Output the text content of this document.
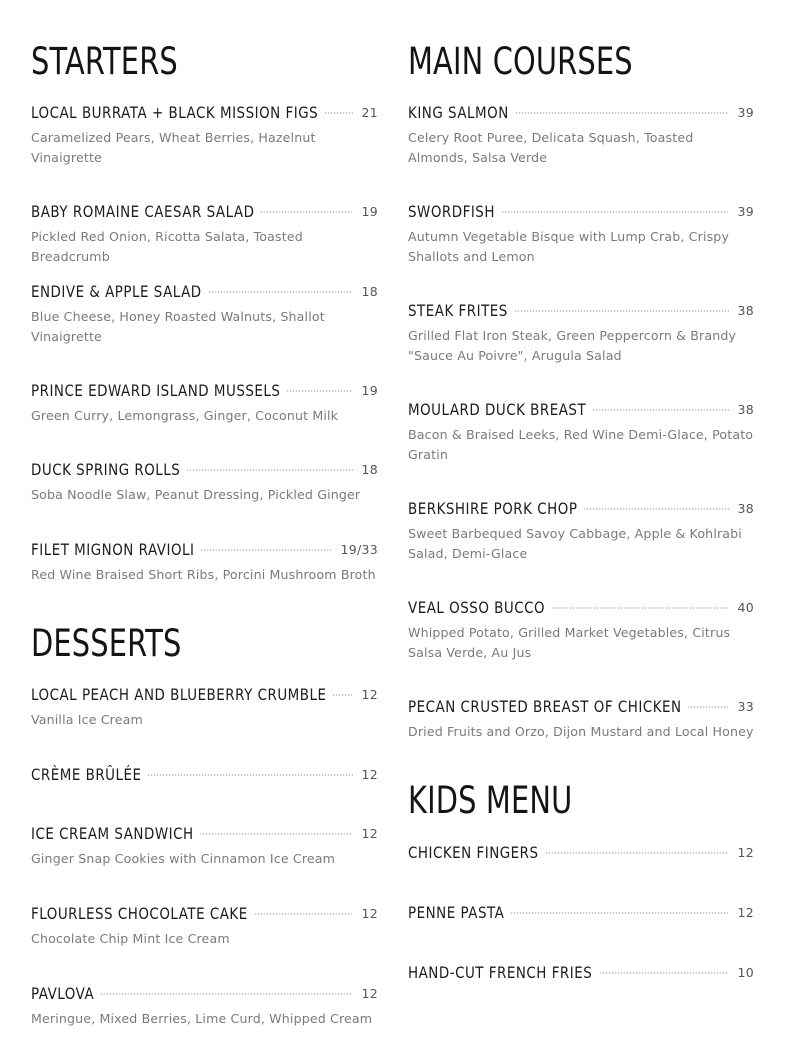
STARTERS
LOCAL BURRATA + BLACK MISSION FIGS	21
Caramelized Pears, Wheat Berries, Hazelnut Vinaigrette
BABY ROMAINE CAESAR SALAD	19
Pickled Red Onion, Ricotta Salata, Toasted Breadcrumb
ENDIVE & APPLE SALAD	18
Blue Cheese, Honey Roasted Walnuts, Shallot Vinaigrette
PRINCE EDWARD ISLAND MUSSELS	19
Green Curry, Lemongrass, Ginger, Coconut Milk
DUCK SPRING ROLLS	18
Soba Noodle Slaw, Peanut Dressing, Pickled Ginger
FILET MIGNON RAVIOLI	19/33
Red Wine Braised Short Ribs, Porcini Mushroom Broth
DESSERTS
LOCAL PEACH AND BLUEBERRY CRUMBLE	12
Vanilla Ice Cream
CRÈME BRÛLÉE	12
ICE CREAM SANDWICH	12
Ginger Snap Cookies with Cinnamon Ice Cream
FLOURLESS CHOCOLATE CAKE	12
Chocolate Chip Mint Ice Cream
PAVLOVA	12
Meringue, Mixed Berries, Lime Curd, Whipped Cream
MAIN COURSES
KING SALMON	39
Celery Root Puree, Delicata Squash, Toasted Almonds, Salsa Verde
SWORDFISH	39
Autumn Vegetable Bisque with Lump Crab, Crispy Shallots and Lemon
STEAK FRITES	38
Grilled Flat Iron Steak, Green Peppercorn & Brandy "Sauce Au Poivre", Arugula Salad
MOULARD DUCK BREAST	38
Bacon & Braised Leeks, Red Wine Demi-Glace, Potato Gratin
BERKSHIRE PORK CHOP	38
Sweet Barbequed Savoy Cabbage, Apple & Kohlrabi Salad, Demi-Glace
VEAL OSSO BUCCO	40
Whipped Potato, Grilled Market Vegetables, Citrus Salsa Verde, Au Jus
PECAN CRUSTED BREAST OF CHICKEN	33
Dried Fruits and Orzo, Dijon Mustard and Local Honey
KIDS MENU
CHICKEN FINGERS	12
PENNE PASTA	12
HAND-CUT FRENCH FRIES	10
